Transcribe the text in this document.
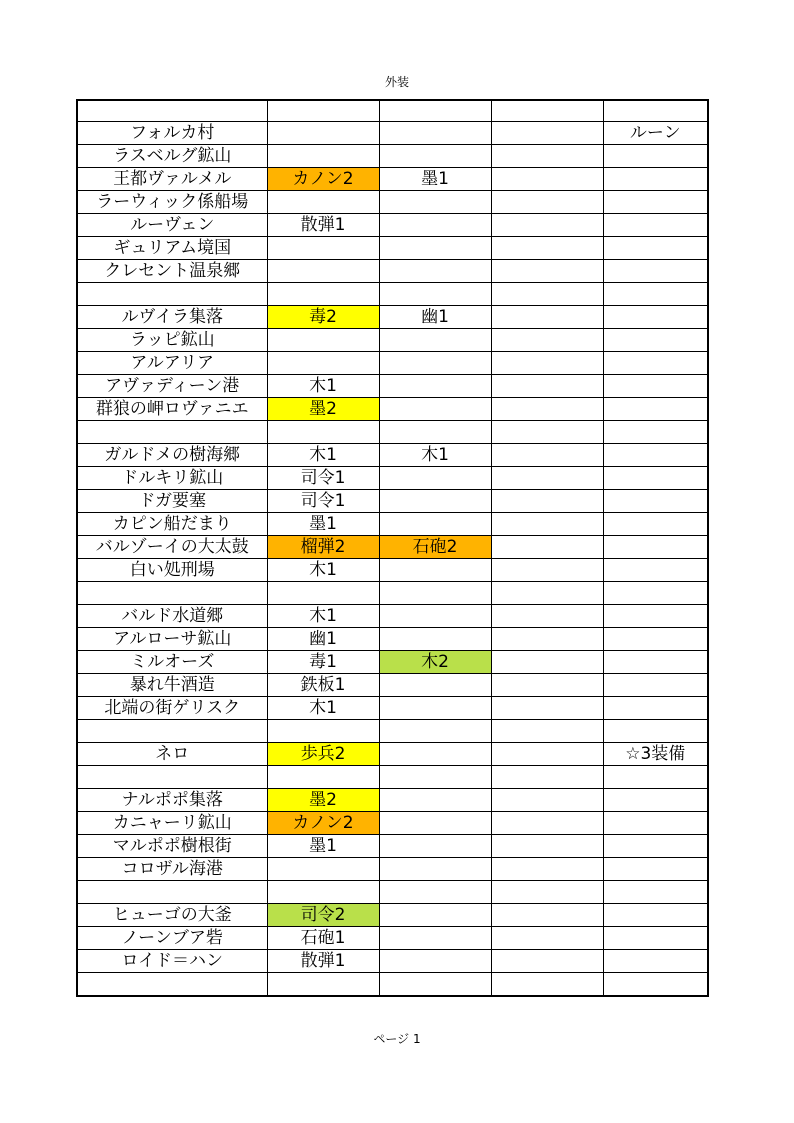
外装

フォルカ村				ルーン
ラスベルグ鉱山				
王都ヴァルメル	カノン2	墨1		
ラーウィック係船場				
ルーヴェン	散弾1			
ギュリアム境国				
クレセント温泉郷				

ルヴイラ集落	毒2	幽1		
ラッピ鉱山				
アルアリア				
アヴァディーン港	木1			
群狼の岬ロヴァニエ	墨2			

ガルドメの樹海郷	木1	木1		
ドルキリ鉱山	司令1			
ドガ要塞	司令1			
カピン船だまり	墨1			
バルゾーイの大太鼓	榴弾2	石砲2		
白い処刑場	木1			

バルド水道郷	木1			
アルローサ鉱山	幽1			
ミルオーズ	毒1	木2		
暴れ牛酒造	鉄板1			
北端の街ゲリスク	木1			

ネロ	歩兵2			☆3装備

ナルポポ集落	墨2			
カニャーリ鉱山	カノン2			
マルポポ樹根街	墨1			
コロザル海港				

ヒューゴの大釜	司令2			
ノーンブア砦	石砲1			
ロイド＝ハン	散弾1			

ページ 1
